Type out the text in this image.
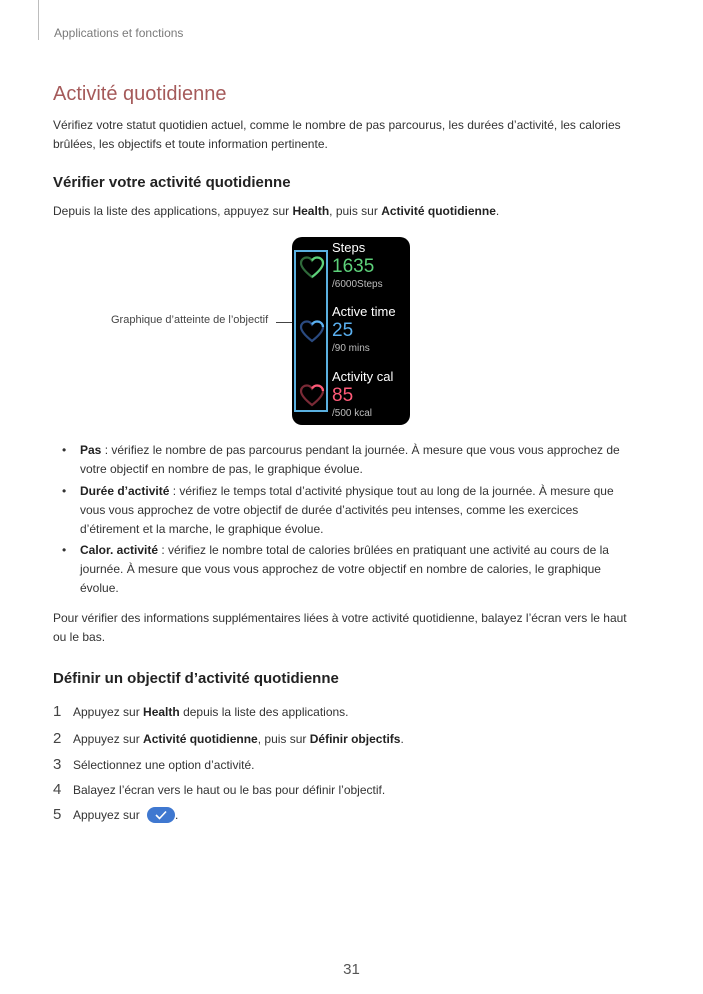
Applications et fonctions
Activité quotidienne
Vérifiez votre statut quotidien actuel, comme le nombre de pas parcourus, les durées d’activité, les calories brûlées, les objectifs et toute information pertinente.
Vérifier votre activité quotidienne
Depuis la liste des applications, appuyez sur Health, puis sur Activité quotidienne.
Graphique d’atteinte de l’objectif
Steps
1635
/6000Steps
Active time
25
/90 mins
Activity cal
85
/500 kcal
• Pas : vérifiez le nombre de pas parcourus pendant la journée. À mesure que vous vous approchez de votre objectif en nombre de pas, le graphique évolue.
• Durée d’activité : vérifiez le temps total d’activité physique tout au long de la journée. À mesure que vous vous approchez de votre objectif de durée d’activités peu intenses, comme les exercices d’étirement et la marche, le graphique évolue.
• Calor. activité : vérifiez le nombre total de calories brûlées en pratiquant une activité au cours de la journée. À mesure que vous vous approchez de votre objectif en nombre de calories, le graphique évolue.
Pour vérifier des informations supplémentaires liées à votre activité quotidienne, balayez l’écran vers le haut ou le bas.
Définir un objectif d’activité quotidienne
1 Appuyez sur Health depuis la liste des applications.
2 Appuyez sur Activité quotidienne, puis sur Définir objectifs.
3 Sélectionnez une option d’activité.
4 Balayez l’écran vers le haut ou le bas pour définir l’objectif.
5 Appuyez sur	.
31
